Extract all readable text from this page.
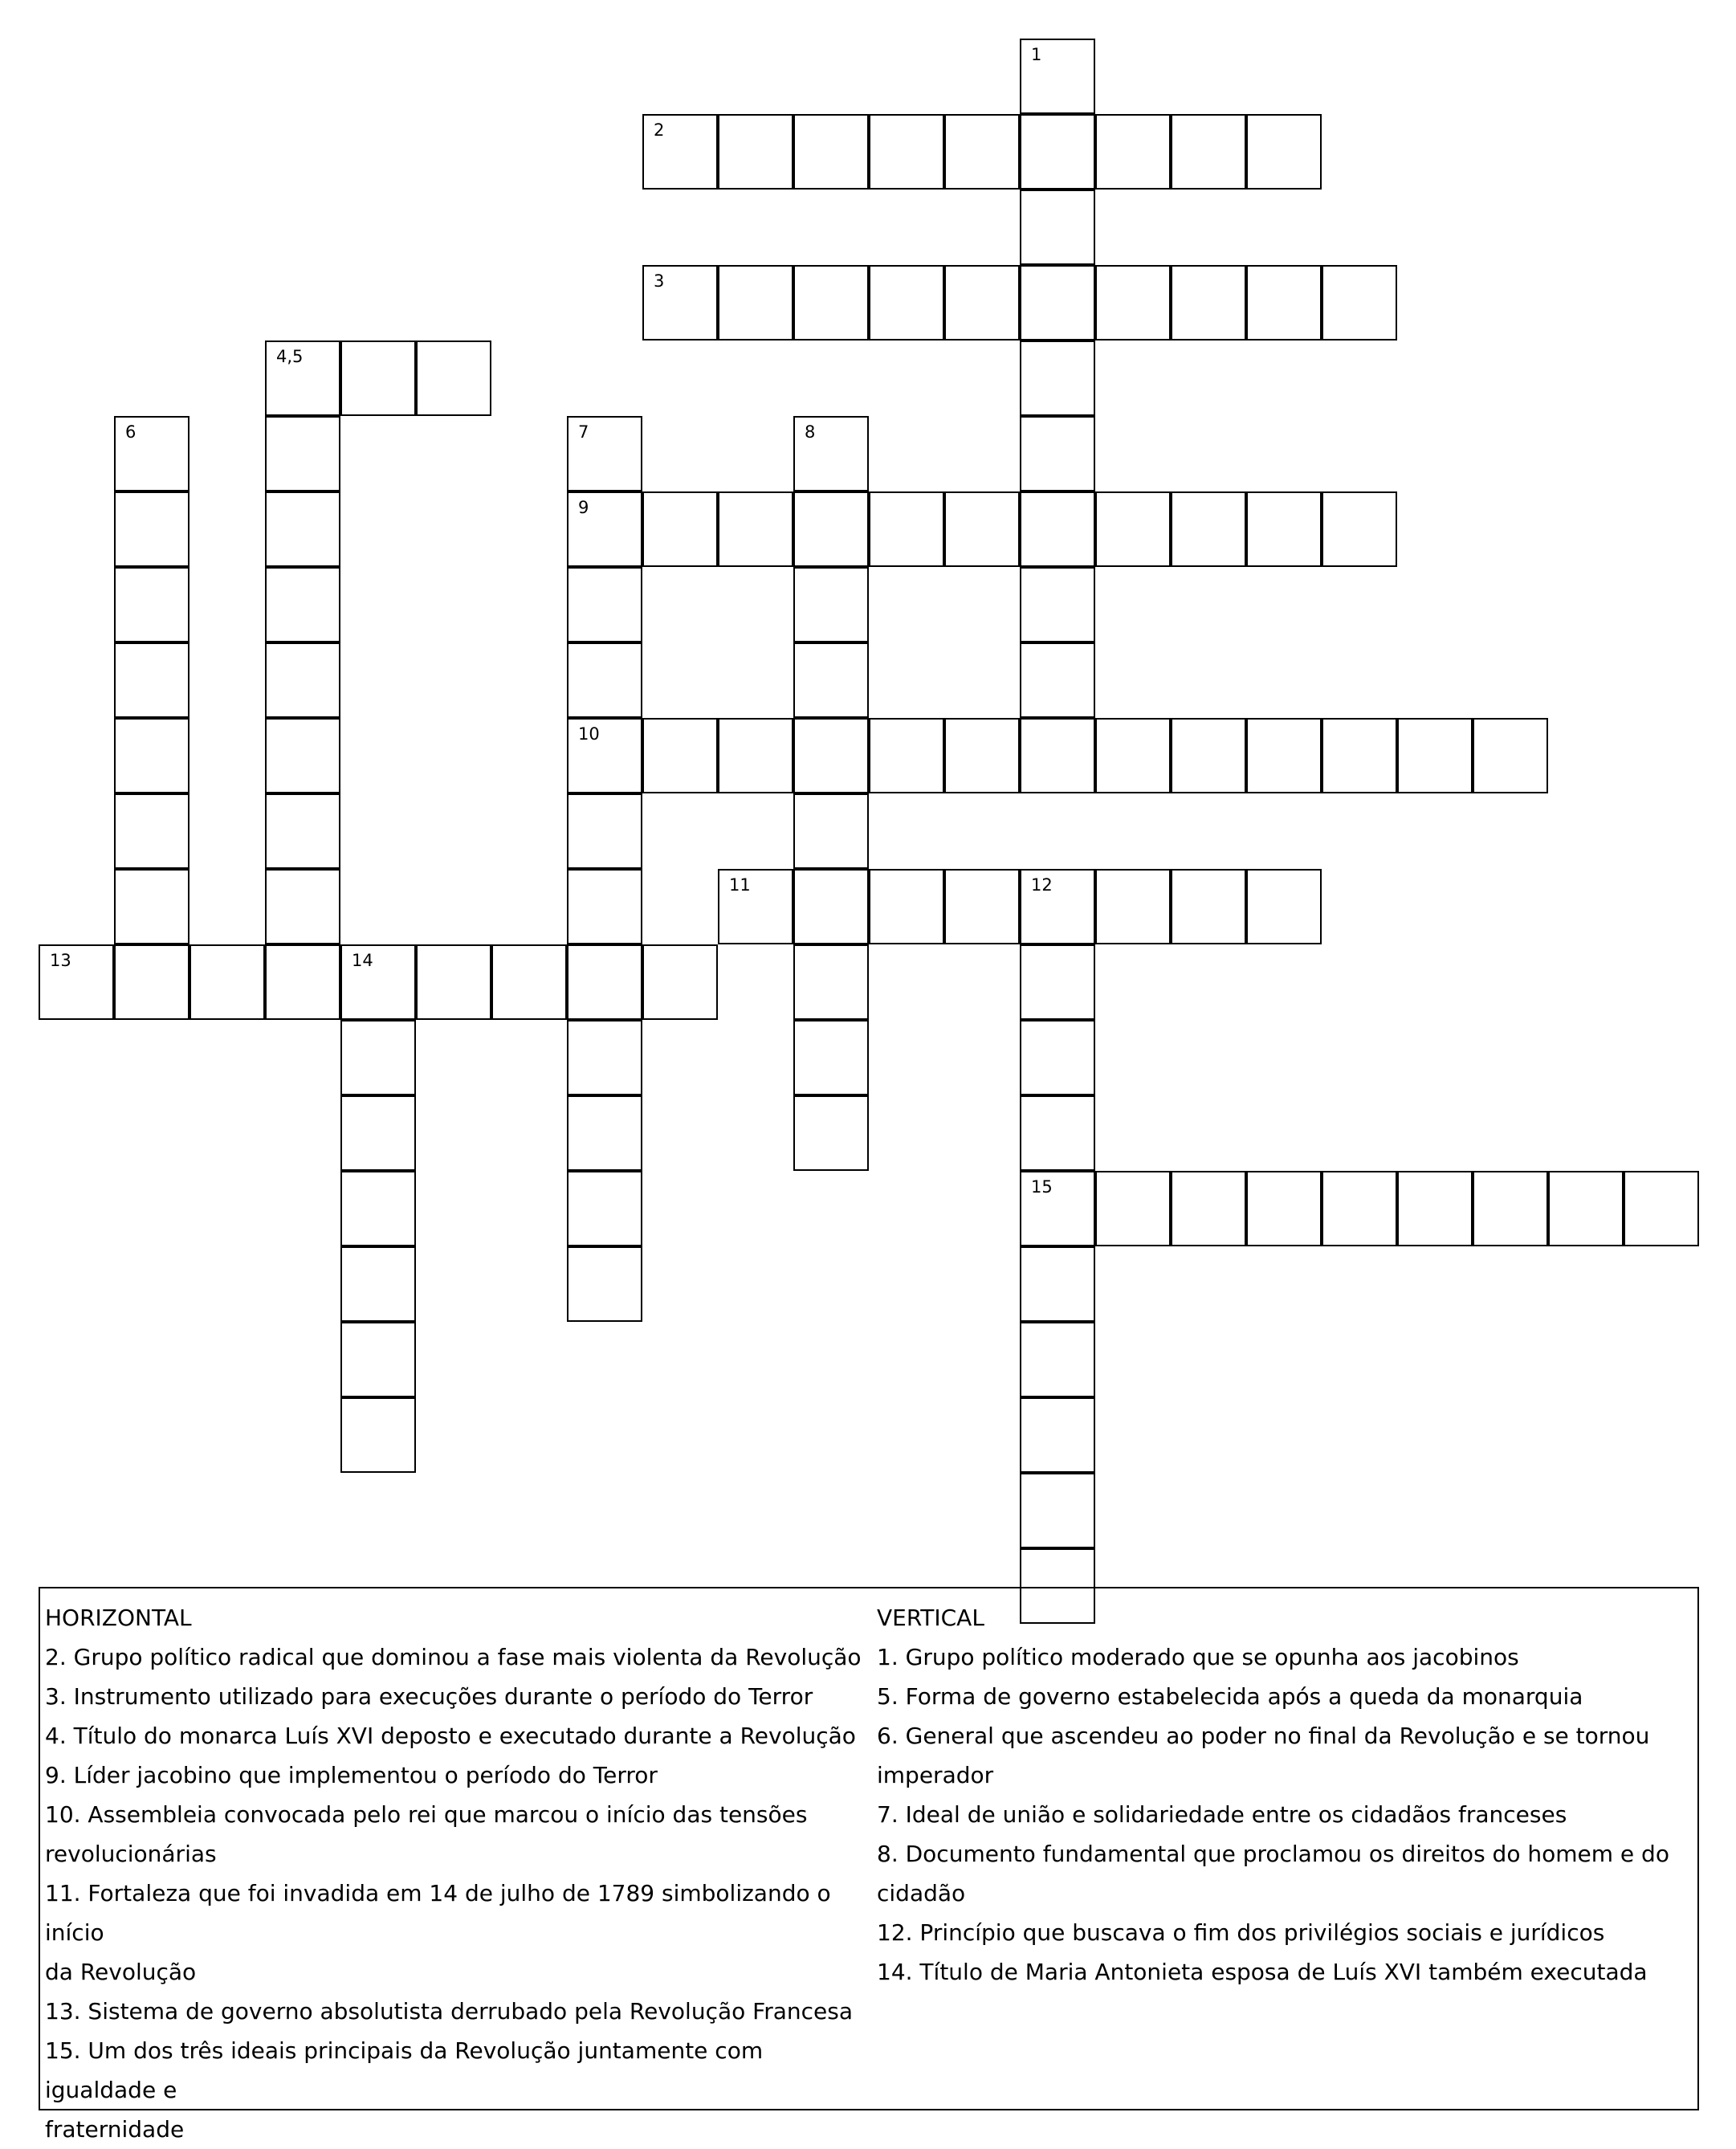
1
2
3
4,5
6	7
9
10
8
11	12
15
13	14
HORIZONTAL
2. Grupo político radical que dominou a fase mais violenta da Revolução
3. Instrumento utilizado para execuções durante o período do Terror
4. Título do monarca Luís XVI deposto e executado durante a Revolução
9. Líder jacobino que implementou o período do Terror
10. Assembleia convocada pelo rei que marcou o início das tensões
revolucionárias
11. Fortaleza que foi invadida em 14 de julho de 1789 simbolizando o início
da Revolução
13. Sistema de governo absolutista derrubado pela Revolução Francesa
15. Um dos três ideais principais da Revolução juntamente com igualdade e
fraternidade
VERTICAL
1. Grupo político moderado que se opunha aos jacobinos
5. Forma de governo estabelecida após a queda da monarquia
6. General que ascendeu ao poder no final da Revolução e se tornou
imperador
7. Ideal de união e solidariedade entre os cidadãos franceses
8. Documento fundamental que proclamou os direitos do homem e do
cidadão
12. Princípio que buscava o fim dos privilégios sociais e jurídicos
14. Título de Maria Antonieta esposa de Luís XVI também executada
